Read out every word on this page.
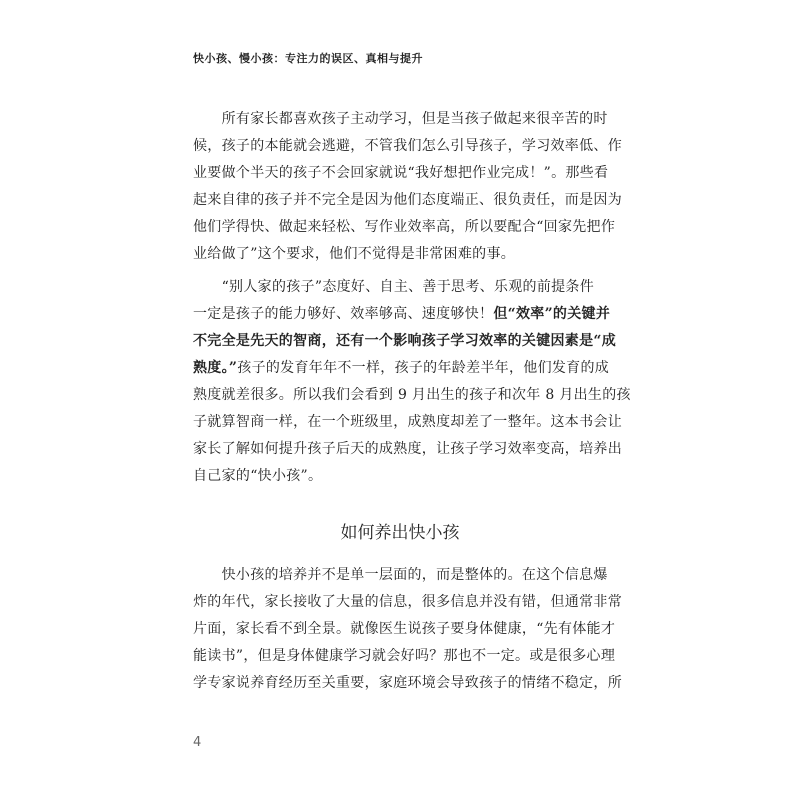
快小孩、慢小孩：专注力的误区、真相与提升
　　所有家长都喜欢孩子主动学习，但是当孩子做起来很辛苦的时
候，孩子的本能就会逃避，不管我们怎么引导孩子，学习效率低、作
业要做个半天的孩子不会回家就说“我好想把作业完成！”。那些看
起来自律的孩子并不完全是因为他们态度端正、很负责任，而是因为
他们学得快、做起来轻松、写作业效率高，所以要配合“回家先把作
业给做了”这个要求，他们不觉得是非常困难的事。
　　“别人家的孩子”态度好、自主、善于思考、乐观的前提条件
一定是孩子的能力够好、效率够高、速度够快！但“效率”的关键并
不完全是先天的智商，还有一个影响孩子学习效率的关键因素是“成
熟度。”孩子的发育年年不一样，孩子的年龄差半年，他们发育的成
熟度就差很多。所以我们会看到 9 月出生的孩子和次年 8 月出生的孩
子就算智商一样，在一个班级里，成熟度却差了一整年。这本书会让
家长了解如何提升孩子后天的成熟度，让孩子学习效率变高，培养出
自己家的“快小孩”。
如何养出快小孩
　　快小孩的培养并不是单一层面的，而是整体的。在这个信息爆
炸的年代，家长接收了大量的信息，很多信息并没有错，但通常非常
片面，家长看不到全景。就像医生说孩子要身体健康，“先有体能才
能读书”，但是身体健康学习就会好吗？那也不一定。或是很多心理
学专家说养育经历至关重要，家庭环境会导致孩子的情绪不稳定，所
4
